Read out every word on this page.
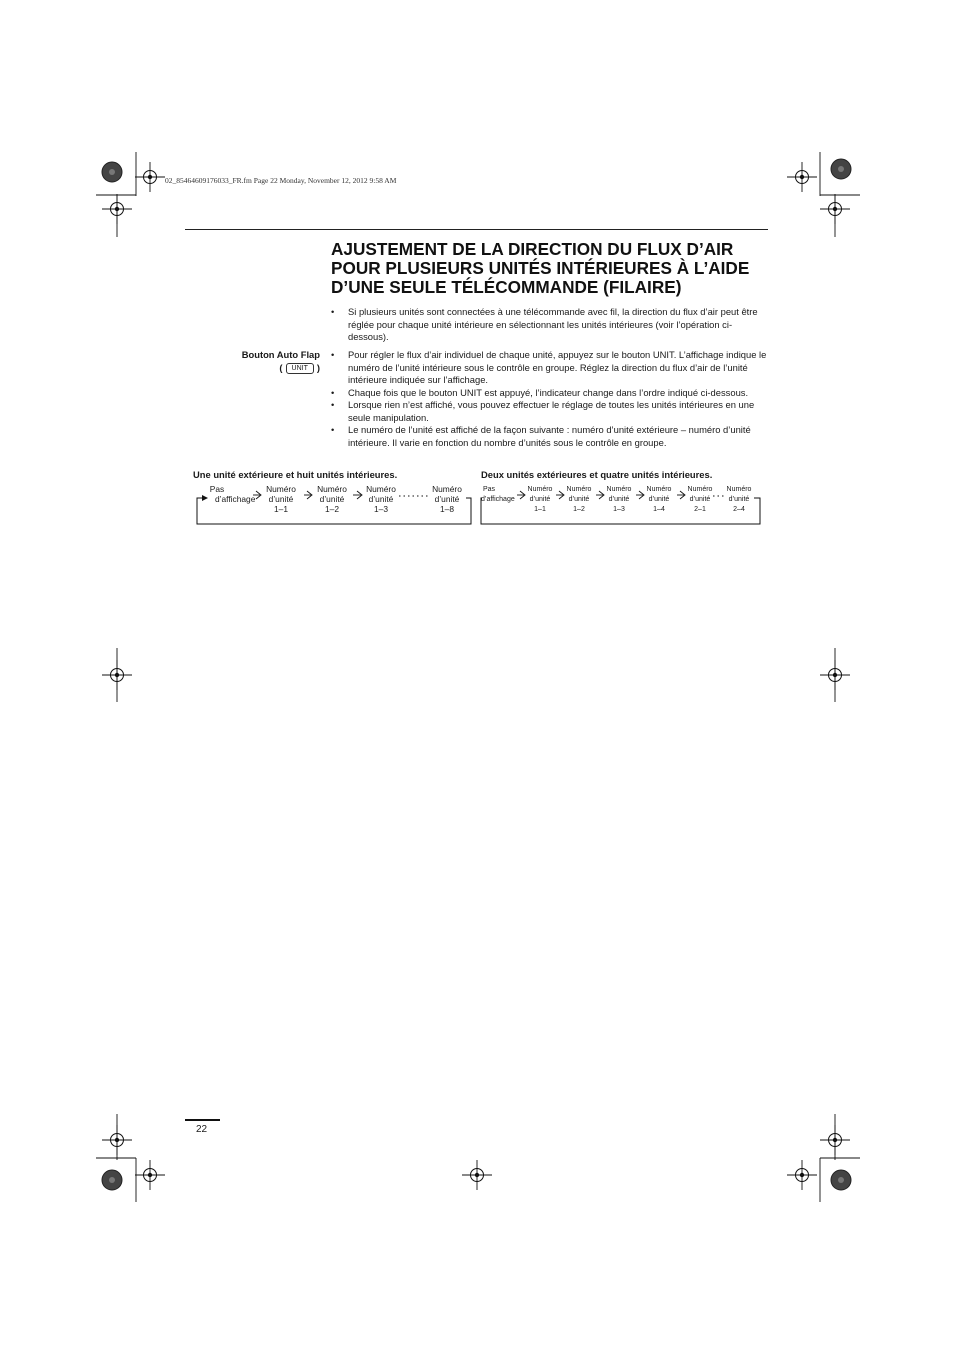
02_85464609176033_FR.fm Page 22 Monday, November 12, 2012 9:58 AM
AJUSTEMENT DE LA DIRECTION DU FLUX D’AIR
POUR PLUSIEURS UNITÉS INTÉRIEURES À L’AIDE
D’UNE SEULE TÉLÉCOMMANDE (FILAIRE)
•	Si plusieurs unités sont connectées à une télécommande avec fil, la direction du flux d’air peut être réglée pour chaque unité intérieure en sélectionnant les unités intérieures (voir l’opération ci-dessous).
Bouton Auto Flap
( UNIT )
•	Pour régler le flux d’air individuel de chaque unité, appuyez sur le bouton UNIT. L’affichage indique le numéro de l’unité intérieure sous le contrôle en groupe. Réglez la direction du flux d’air de l’unité intérieure indiquée sur l’affichage.
•	Chaque fois que le bouton UNIT est appuyé, l’indicateur change dans l’ordre indiqué ci-dessous.
•	Lorsque rien n’est affiché, vous pouvez effectuer le réglage de toutes les unités intérieures en une seule manipulation.
•	Le numéro de l’unité est affiché de la façon suivante : numéro d’unité extérieure – numéro d’unité intérieure. Il varie en fonction du nombre d’unités sous le contrôle en groupe.
Une unité extérieure et huit unités intérieures.
Pas
d’affichage
Numéro
d’unité
1–1
Numéro
d’unité
1–2
Numéro
d’unité
1–3
Numéro
d’unité
1–8
Deux unités extérieures et quatre unités intérieures.
Pas
d’affichage
Numéro
d’unité
1–1
Numéro
d’unité
1–2
Numéro
d’unité
1–3
Numéro
d’unité
1–4
Numéro
d’unité
2–1
Numéro
d’unité
2–4
22
